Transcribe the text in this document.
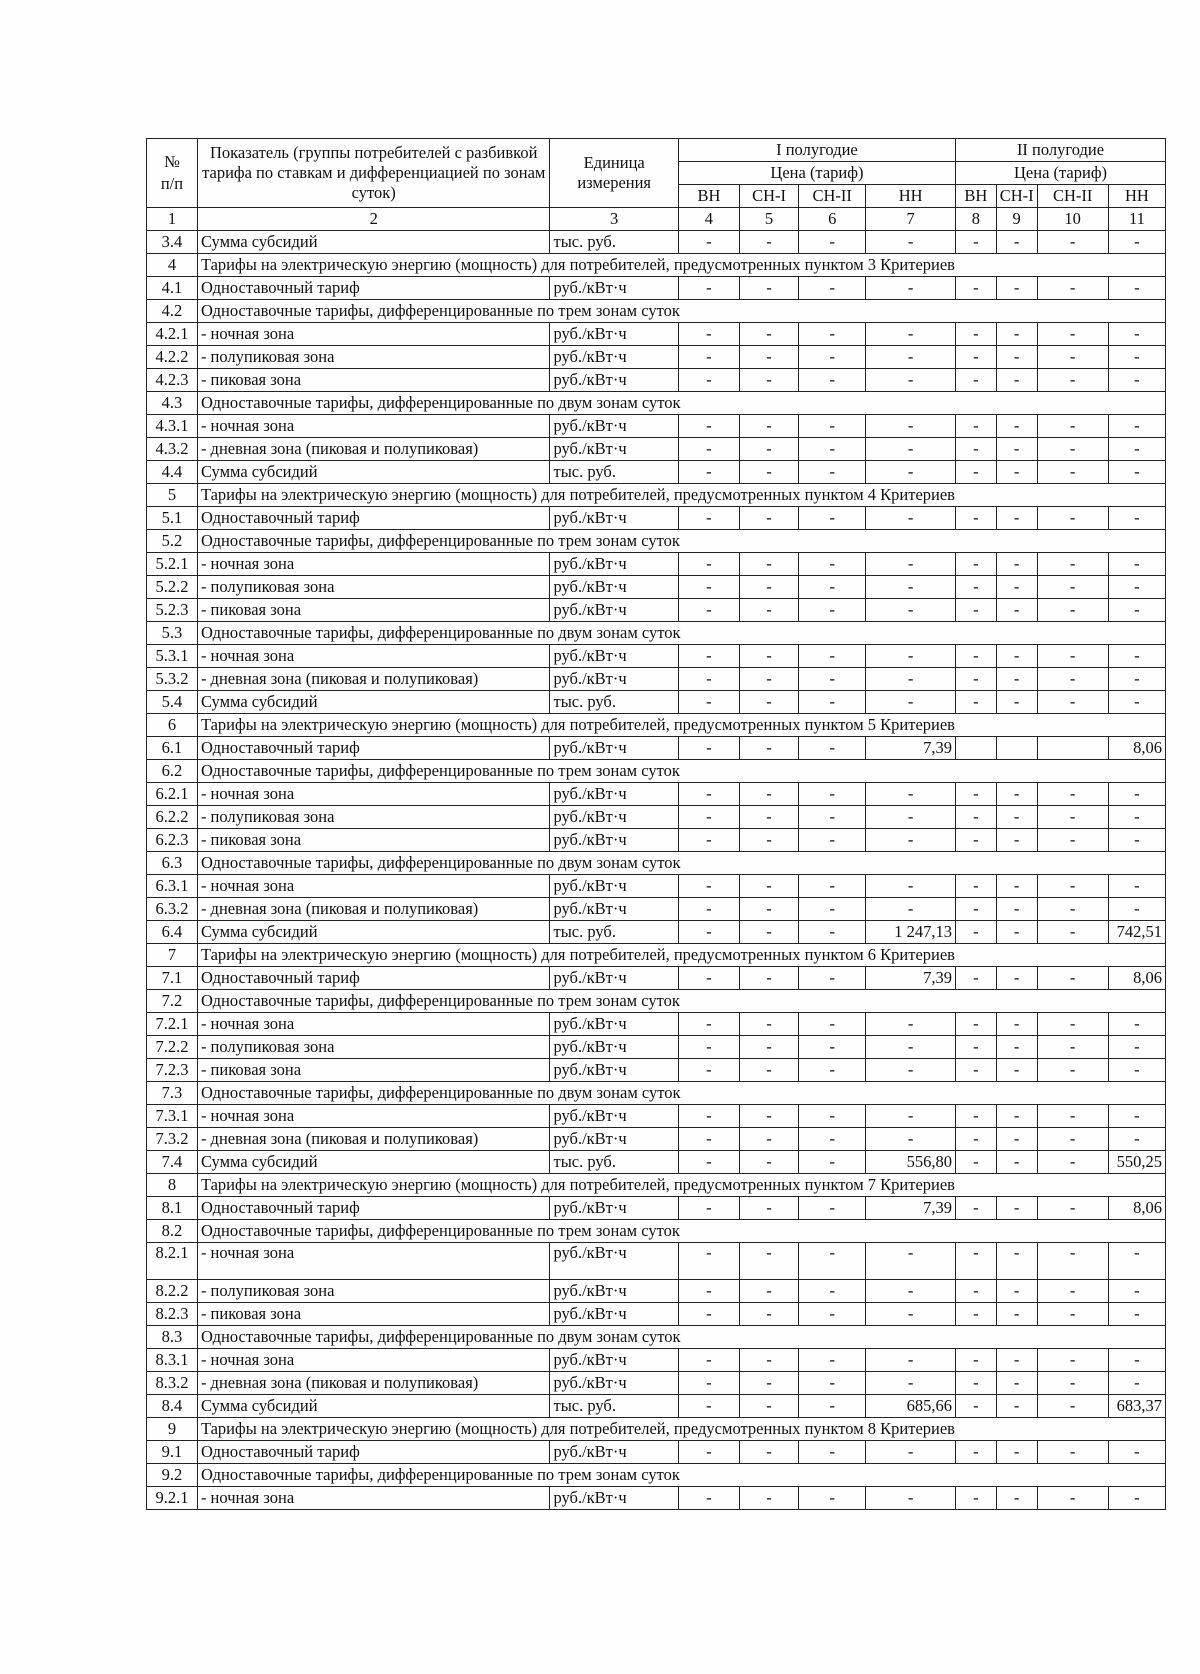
№
п/п	Показатель (группы потребителей с разбивкой тарифа по ставкам и дифференциацией по зонам суток)	Единица измерения	I полугодие				II полугодие			
			Цена (тариф)				Цена (тариф)			
			ВН	СН-I	СН-II	НН	ВН	СН-I	СН-II	НН
1	2	3	4	5	6	7	8	9	10	11
3.4	Сумма субсидий	тыс. руб.	-	-	-	-	-	-	-	-
4	Тарифы на электрическую энергию (мощность) для потребителей, предусмотренных пунктом 3 Критериев									
4.1	Одноставочный тариф	руб./кВт·ч	-	-	-	-	-	-	-	-
4.2	Одноставочные тарифы, дифференцированные по трем зонам суток									
4.2.1	- ночная зона	руб./кВт·ч	-	-	-	-	-	-	-	-
4.2.2	- полупиковая зона	руб./кВт·ч	-	-	-	-	-	-	-	-
4.2.3	- пиковая зона	руб./кВт·ч	-	-	-	-	-	-	-	-
4.3	Одноставочные тарифы, дифференцированные по двум зонам суток									
4.3.1	- ночная зона	руб./кВт·ч	-	-	-	-	-	-	-	-
4.3.2	- дневная зона (пиковая и полупиковая)	руб./кВт·ч	-	-	-	-	-	-	-	-
4.4	Сумма субсидий	тыс. руб.	-	-	-	-	-	-	-	-
5	Тарифы на электрическую энергию (мощность) для потребителей, предусмотренных пунктом 4 Критериев									
5.1	Одноставочный тариф	руб./кВт·ч	-	-	-	-	-	-	-	-
5.2	Одноставочные тарифы, дифференцированные по трем зонам суток									
5.2.1	- ночная зона	руб./кВт·ч	-	-	-	-	-	-	-	-
5.2.2	- полупиковая зона	руб./кВт·ч	-	-	-	-	-	-	-	-
5.2.3	- пиковая зона	руб./кВт·ч	-	-	-	-	-	-	-	-
5.3	Одноставочные тарифы, дифференцированные по двум зонам суток									
5.3.1	- ночная зона	руб./кВт·ч	-	-	-	-	-	-	-	-
5.3.2	- дневная зона (пиковая и полупиковая)	руб./кВт·ч	-	-	-	-	-	-	-	-
5.4	Сумма субсидий	тыс. руб.	-	-	-	-	-	-	-	-
6	Тарифы на электрическую энергию (мощность) для потребителей, предусмотренных пунктом 5 Критериев									
6.1	Одноставочный тариф	руб./кВт·ч	-	-	-	7,39				8,06
6.2	Одноставочные тарифы, дифференцированные по трем зонам суток									
6.2.1	- ночная зона	руб./кВт·ч	-	-	-	-	-	-	-	-
6.2.2	- полупиковая зона	руб./кВт·ч	-	-	-	-	-	-	-	-
6.2.3	- пиковая зона	руб./кВт·ч	-	-	-	-	-	-	-	-
6.3	Одноставочные тарифы, дифференцированные по двум зонам суток									
6.3.1	- ночная зона	руб./кВт·ч	-	-	-	-	-	-	-	-
6.3.2	- дневная зона (пиковая и полупиковая)	руб./кВт·ч	-	-	-	-	-	-	-	-
6.4	Сумма субсидий	тыс. руб.	-	-	-	1 247,13	-	-	-	742,51
7	Тарифы на электрическую энергию (мощность) для потребителей, предусмотренных пунктом 6 Критериев									
7.1	Одноставочный тариф	руб./кВт·ч	-	-	-	7,39	-	-	-	8,06
7.2	Одноставочные тарифы, дифференцированные по трем зонам суток									
7.2.1	- ночная зона	руб./кВт·ч	-	-	-	-	-	-	-	-
7.2.2	- полупиковая зона	руб./кВт·ч	-	-	-	-	-	-	-	-
7.2.3	- пиковая зона	руб./кВт·ч	-	-	-	-	-	-	-	-
7.3	Одноставочные тарифы, дифференцированные по двум зонам суток									
7.3.1	- ночная зона	руб./кВт·ч	-	-	-	-	-	-	-	-
7.3.2	- дневная зона (пиковая и полупиковая)	руб./кВт·ч	-	-	-	-	-	-	-	-
7.4	Сумма субсидий	тыс. руб.	-	-	-	556,80	-	-	-	550,25
8	Тарифы на электрическую энергию (мощность) для потребителей, предусмотренных пунктом 7 Критериев									
8.1	Одноставочный тариф	руб./кВт·ч	-	-	-	7,39	-	-	-	8,06
8.2	Одноставочные тарифы, дифференцированные по трем зонам суток									
8.2.1	- ночная зона	руб./кВт·ч	-	-	-	-	-	-	-	-
8.2.2	- полупиковая зона	руб./кВт·ч	-	-	-	-	-	-	-	-
8.2.3	- пиковая зона	руб./кВт·ч	-	-	-	-	-	-	-	-
8.3	Одноставочные тарифы, дифференцированные по двум зонам суток									
8.3.1	- ночная зона	руб./кВт·ч	-	-	-	-	-	-	-	-
8.3.2	- дневная зона (пиковая и полупиковая)	руб./кВт·ч	-	-	-	-	-	-	-	-
8.4	Сумма субсидий	тыс. руб.	-	-	-	685,66	-	-	-	683,37
9	Тарифы на электрическую энергию (мощность) для потребителей, предусмотренных пунктом 8 Критериев									
9.1	Одноставочный тариф	руб./кВт·ч	-	-	-	-	-	-	-	-
9.2	Одноставочные тарифы, дифференцированные по трем зонам суток									
9.2.1	- ночная зона	руб./кВт·ч	-	-	-	-	-	-	-	-
